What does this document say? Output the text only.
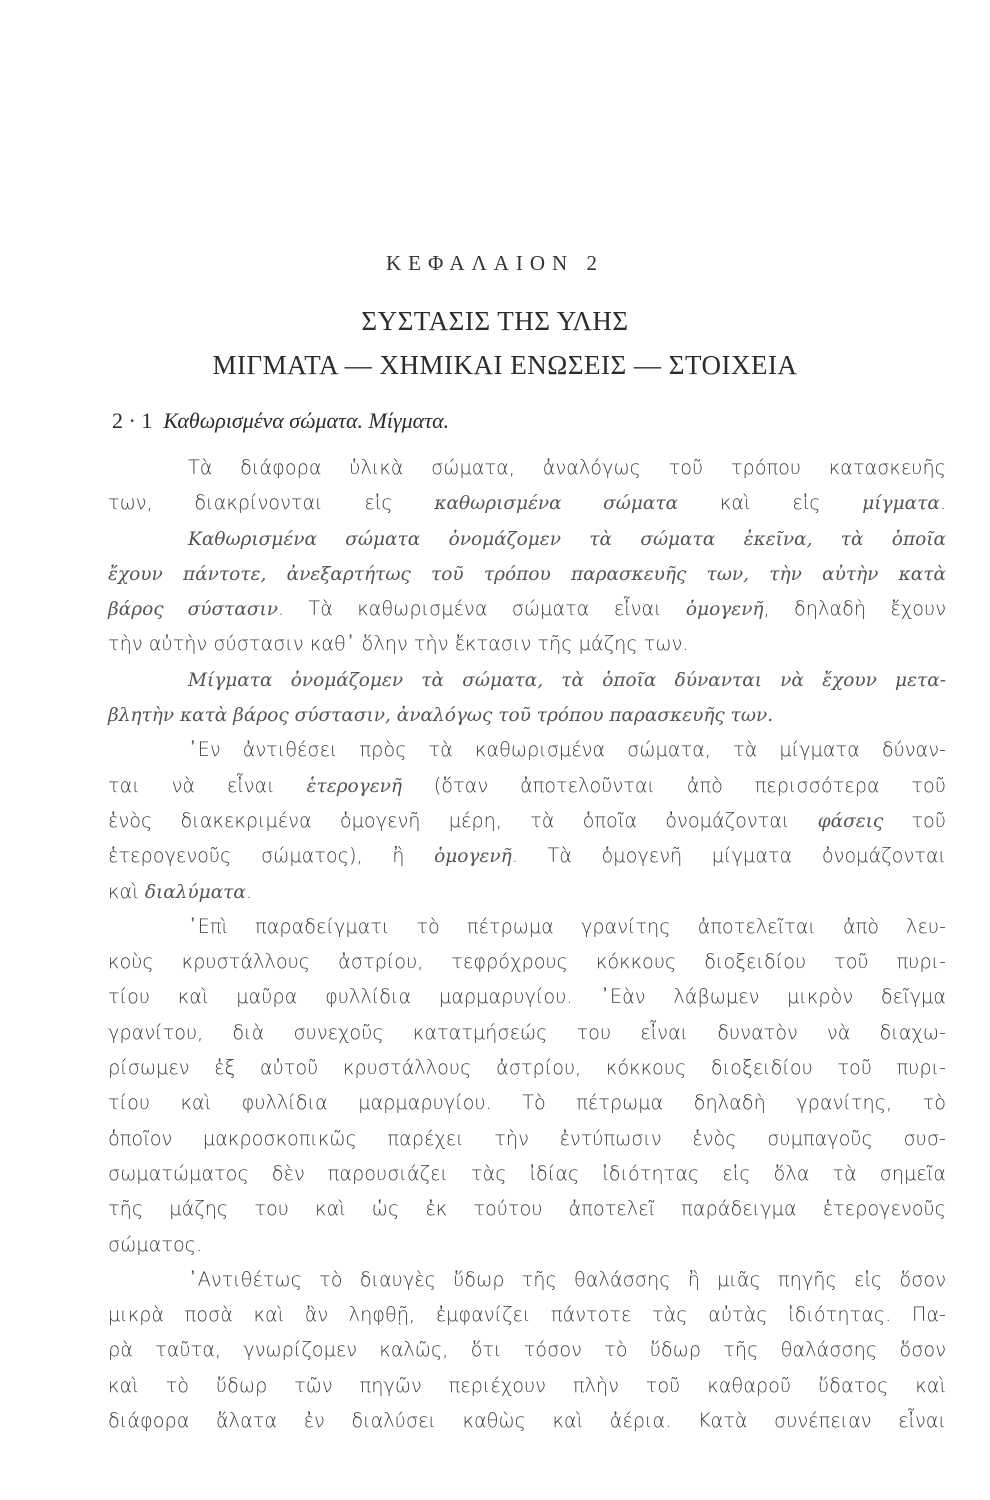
ΚΕΦΑΛΑΙΟΝ 2
ΣΥΣΤΑΣΙΣ ΤΗΣ ΥΛΗΣ
ΜΙΓΜΑΤΑ — ΧΗΜΙΚΑΙ ΕΝΩΣΕΙΣ — ΣΤΟΙΧΕΙΑ
2 · 1 Καθωρισμένα σώματα. Μίγματα.
Τὰ διάφορα ὑλικὰ σώματα, ἀναλόγως τοῦ τρόπου κατασκευῆς
των, διακρίνονται εἰς καθωρισμένα σώματα καὶ εἰς μίγματα.
Καθωρισμένα σώματα ὀνομάζομεν τὰ σώματα ἐκεῖνα, τὰ ὁποῖα
ἔχουν πάντοτε, ἀνεξαρτήτως τοῦ τρόπου παρασκευῆς των, τὴν αὐτὴν κατὰ
βάρος σύστασιν. Τὰ καθωρισμένα σώματα εἶναι ὁμογενῆ, δηλαδὴ ἔχουν
τὴν αὐτὴν σύστασιν καθ᾽ ὅλην τὴν ἔκτασιν τῆς μάζης των.
Μίγματα ὀνομάζομεν τὰ σώματα, τὰ ὁποῖα δύνανται νὰ ἔχουν μετα-
βλητὴν κατὰ βάρος σύστασιν, ἀναλόγως τοῦ τρόπου παρασκευῆς των.
᾿Εν ἀντιθέσει πρὸς τὰ καθωρισμένα σώματα, τὰ μίγματα δύναν-
ται νὰ εἶναι ἑτερογενῆ (ὅταν ἀποτελοῦνται ἀπὸ περισσότερα τοῦ
ἑνὸς διακεκριμένα ὁμογενῆ μέρη, τὰ ὁποῖα ὀνομάζονται φάσεις τοῦ
ἑτερογενοῦς σώματος), ἢ ὁμογενῆ. Τὰ ὁμογενῆ μίγματα ὀνομάζονται
καὶ διαλύματα.
᾿Επὶ παραδείγματι τὸ πέτρωμα γρανίτης ἀποτελεῖται ἀπὸ λευ-
κοὺς κρυστάλλους ἀστρίου, τεφρόχρους κόκκους διοξειδίου τοῦ πυρι-
τίου καὶ μαῦρα φυλλίδια μαρμαρυγίου. ᾿Εὰν λάβωμεν μικρὸν δεῖγμα
γρανίτου, διὰ συνεχοῦς κατατμήσεώς του εἶναι δυνατὸν νὰ διαχω-
ρίσωμεν ἐξ αὐτοῦ κρυστάλλους ἀστρίου, κόκκους διοξειδίου τοῦ πυρι-
τίου καὶ φυλλίδια μαρμαρυγίου. Τὸ πέτρωμα δηλαδὴ γρανίτης, τὸ
ὁποῖον μακροσκοπικῶς παρέχει τὴν ἐντύπωσιν ἑνὸς συμπαγοῦς συσ-
σωματώματος δὲν παρουσιάζει τὰς ἰδίας ἰδιότητας εἰς ὅλα τὰ σημεῖα
τῆς μάζης του καὶ ὡς ἐκ τούτου ἀποτελεῖ παράδειγμα ἑτερογενοῦς
σώματος.
᾿Αντιθέτως τὸ διαυγὲς ὕδωρ τῆς θαλάσσης ἢ μιᾶς πηγῆς εἰς ὅσον
μικρὰ ποσὰ καὶ ἂν ληφθῇ, ἐμφανίζει πάντοτε τὰς αὐτὰς ἰδιότητας. Πα-
ρὰ ταῦτα, γνωρίζομεν καλῶς, ὅτι τόσον τὸ ὕδωρ τῆς θαλάσσης ὅσον
καὶ τὸ ὕδωρ τῶν πηγῶν περιέχουν πλὴν τοῦ καθαροῦ ὕδατος καὶ
διάφορα ἅλατα ἐν διαλύσει καθὼς καὶ ἀέρια. Κατὰ συνέπειαν εἶναι
